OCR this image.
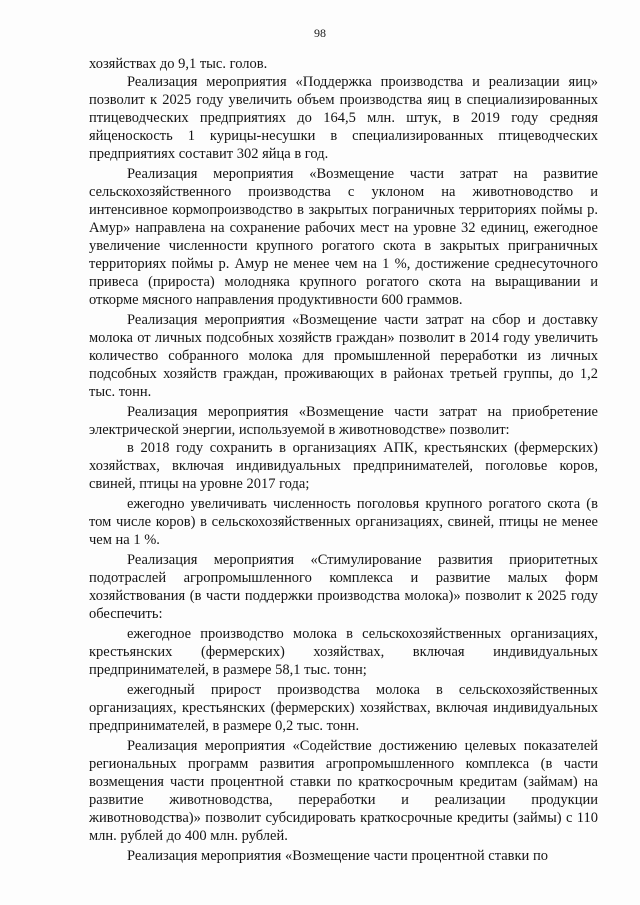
98

хозяйствах до 9,1 тыс. голов.

Реализация мероприятия «Поддержка производства и реализации яиц» позволит к 2025 году увеличить объем производства яиц в специализированных птицеводческих предприятиях до 164,5 млн. штук, в 2019 году средняя яйценоскость 1 курицы-несушки в специализированных птицеводческих предприятиях составит 302 яйца в год.

Реализация мероприятия «Возмещение части затрат на развитие сельскохозяйственного производства с уклоном на животноводство и интенсивное кормопроизводство в закрытых пограничных территориях поймы р. Амур» направлена на сохранение рабочих мест на уровне 32 единиц, ежегодное увеличение численности крупного рогатого скота в закрытых приграничных территориях поймы р. Амур не менее чем на 1 %, достижение среднесуточного привеса (прироста) молодняка крупного рогатого скота на выращивании и откорме мясного направления продуктивности 600 граммов.

Реализация мероприятия «Возмещение части затрат на сбор и доставку молока от личных подсобных хозяйств граждан» позволит в 2014 году увеличить количество собранного молока для промышленной переработки из личных подсобных хозяйств граждан, проживающих в районах третьей группы, до 1,2 тыс. тонн.

Реализация мероприятия «Возмещение части затрат на приобретение электрической энергии, используемой в животноводстве» позволит:

в 2018 году сохранить в организациях АПК, крестьянских (фермерских) хозяйствах, включая индивидуальных предпринимателей, поголовье коров, свиней, птицы на уровне 2017 года;

ежегодно увеличивать численность поголовья крупного рогатого скота (в том числе коров) в сельскохозяйственных организациях, свиней, птицы не менее чем на 1 %.

Реализация мероприятия «Стимулирование развития приоритетных подотраслей агропромышленного комплекса и развитие малых форм хозяйствования (в части поддержки производства молока)» позволит к 2025 году обеспечить:

ежегодное производство молока в сельскохозяйственных организациях, крестьянских (фермерских) хозяйствах, включая индивидуальных предпринимателей, в размере 58,1 тыс. тонн;

ежегодный прирост производства молока в сельскохозяйственных организациях, крестьянских (фермерских) хозяйствах, включая индивидуальных предпринимателей, в размере 0,2 тыс. тонн.

Реализация мероприятия «Содействие достижению целевых показателей региональных программ развития агропромышленного комплекса (в части возмещения части процентной ставки по краткосрочным кредитам (займам) на развитие животноводства, переработки и реализации продукции животноводства)» позволит субсидировать краткосрочные кредиты (займы) с 110 млн. рублей до 400 млн. рублей.

Реализация мероприятия «Возмещение части процентной ставки по
